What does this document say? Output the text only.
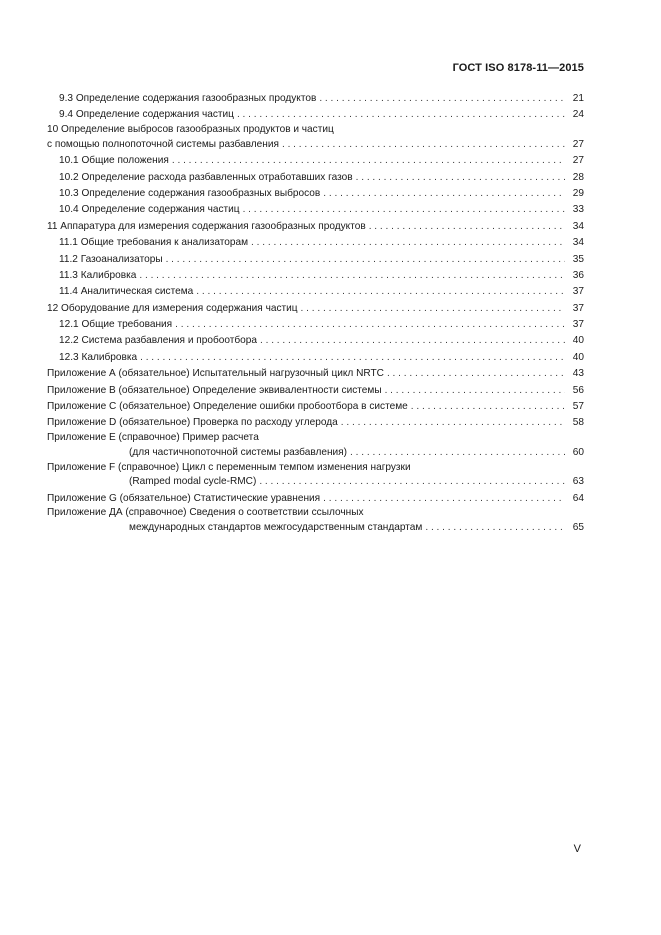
ГОСТ ISO 8178-11—2015
9.3 Определение содержания газообразных продуктов . . .	21
9.4 Определение содержания частиц . . .	24
10 Определение выбросов газообразных продуктов и частиц
с помощью полнопоточной системы разбавления . . .	27
10.1 Общие положения . . .	27
10.2 Определение расхода разбавленных отработавших газов . . .	28
10.3 Определение содержания газообразных выбросов . . .	29
10.4 Определение содержания частиц . . .	33
11 Аппаратура для измерения содержания газообразных продуктов . . .	34
11.1 Общие требования к анализаторам . . .	34
11.2 Газоанализаторы . . .	35
11.3 Калибровка . . .	36
11.4 Аналитическая система . . .	37
12 Оборудование для измерения содержания частиц . . .	37
12.1 Общие требования . . .	37
12.2 Система разбавления и пробоотбора . . .	40
12.3 Калибровка . . .	40
Приложение А (обязательное) Испытательный нагрузочный цикл NRTC . . .	43
Приложение В (обязательное) Определение эквивалентности системы . . .	56
Приложение С (обязательное) Определение ошибки пробоотбора в системе . . .	57
Приложение D (обязательное) Проверка по расходу углерода . . .	58
Приложение Е (справочное) Пример расчета
(для частичнопоточной системы разбавления) . . .	60
Приложение F (справочное) Цикл с переменным темпом изменения нагрузки
(Ramped modal cycle-RMC) . . .	63
Приложение G (обязательное) Статистические уравнения . . .	64
Приложение ДА (справочное) Сведения о соответствии ссылочных
международных стандартов межгосударственным стандартам . . .	65
V
